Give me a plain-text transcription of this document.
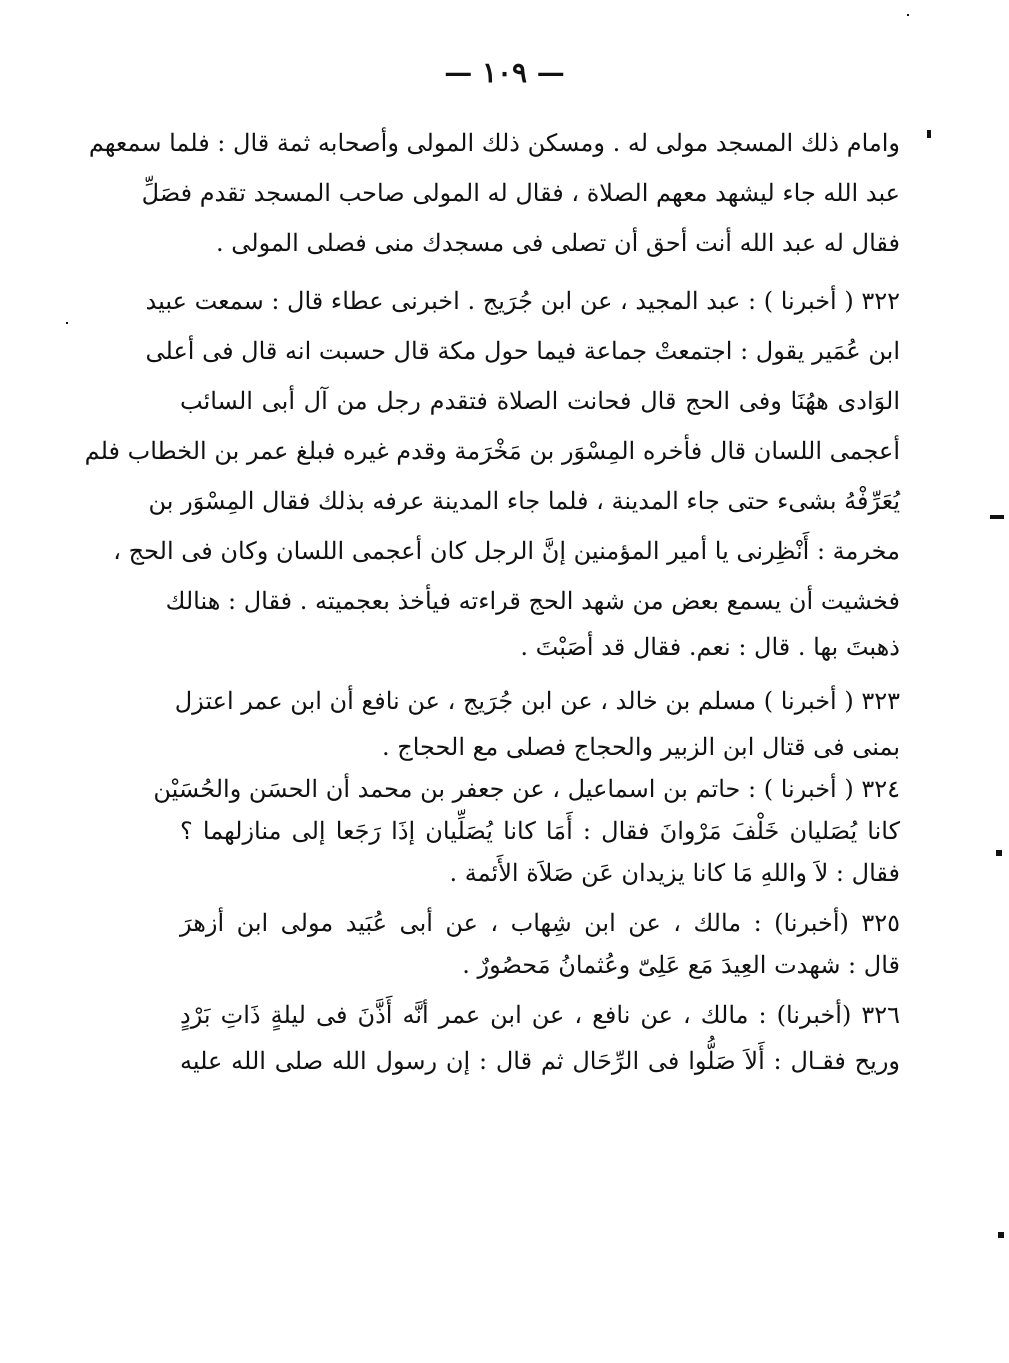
— ١٠٩ —
وامام ذلك المسجد مولى له . ومسكن ذلك المولى وأصحابه ثمة قال : فلما سمعهم
عبد الله جاء ليشهد معهم الصلاة ، فقال له المولى صاحب المسجد تقدم فصَلِّ
فقال له عبد الله أنت أحق أن تصلى فى مسجدك منى فصلى المولى .
٣٢٢ ( أخبرنا ) : عبد المجيد ، عن ابن جُرَيج . اخبرنى عطاء قال : سمعت عبيد
ابن عُمَير يقول : اجتمعتْ جماعة فيما حول مكة قال حسبت انه قال فى أعلى
الوَادى ههُنَا وفى الحج قال فحانت الصلاة فتقدم رجل من آل أبى السائب
أعجمى اللسان قال فأخره المِسْوَر بن مَخْرَمة وقدم غيره فبلغ عمر بن الخطاب فلم
يُعَرِّفْهُ بشىء حتى جاء المدينة ، فلما جاء المدينة عرفه بذلك فقال المِسْوَر بن
مخرمة : أَنْظِرنى يا أمير المؤمنين إنَّ الرجل كان أعجمى اللسان وكان فى الحج ،
فخشيت أن يسمع بعض من شهد الحج قراءته فيأخذ بعجميته . فقال : هنالك
ذهبتَ بها . قال : نعم. فقال قد أصَبْتَ .
٣٢٣ ( أخبرنا ) مسلم بن خالد ، عن ابن جُرَيج ، عن نافع أن ابن عمر اعتزل
بمنى فى قتال ابن الزبير والحجاج فصلى مع الحجاج .
٣٢٤ ( أخبرنا ) : حاتم بن اسماعيل ، عن جعفر بن محمد أن الحسَن والحُسَيْن
كانا يُصَليان خَلْفَ مَرْوانَ فقال : أَمَا كانا يُصَلِّيان إذَا رَجَعا إلى منازلهما ؟
فقال : لاَ واللهِ مَا كانا يزيدان عَن صَلاَة الأَئمة .
٣٢٥ (أخبرنا) : مالك ، عن ابن شِهاب ، عن أبى عُبَيد مولى ابن أزهرَ
قال : شهدت العِيدَ مَع عَلِىّ وعُثمانُ مَحصُورٌ .
٣٢٦ (أخبرنا) : مالك ، عن نافع ، عن ابن عمر أنَّه أَذَّنَ فى ليلةٍ ذَاتِ بَرْدٍ
وريح فقـال : أَلاَ صَلُّوا فى الرِّحَال ثم قال : إن رسول الله صلى الله عليه
